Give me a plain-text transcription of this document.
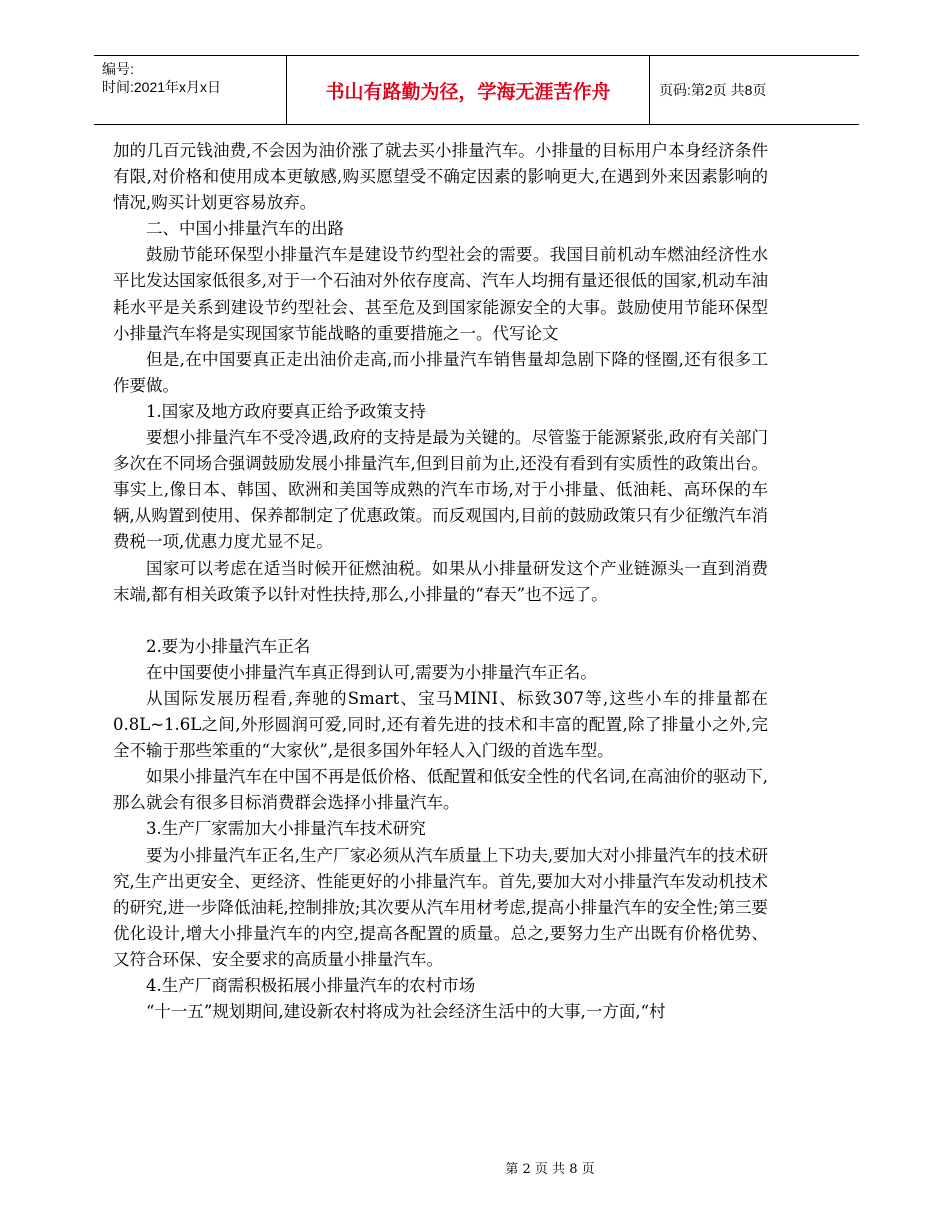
编号:
时间:2021年x月x日	书山有路勤为径，学海无涯苦作舟	页码:第2页 共8页

加的几百元钱油费,不会因为油价涨了就去买小排量汽车。小排量的目标用户本身经济条件有限,对价格和使用成本更敏感,购买愿望受不确定因素的影响更大,在遇到外来因素影响的情况,购买计划更容易放弃。

二、中国小排量汽车的出路

鼓励节能环保型小排量汽车是建设节约型社会的需要。我国目前机动车燃油经济性水平比发达国家低很多,对于一个石油对外依存度高、汽车人均拥有量还很低的国家,机动车油耗水平是关系到建设节约型社会、甚至危及到国家能源安全的大事。鼓励使用节能环保型小排量汽车将是实现国家节能战略的重要措施之一。代写论文

但是,在中国要真正走出油价走高,而小排量汽车销售量却急剧下降的怪圈,还有很多工作要做。

1.国家及地方政府要真正给予政策支持

要想小排量汽车不受冷遇,政府的支持是最为关键的。尽管鉴于能源紧张,政府有关部门多次在不同场合强调鼓励发展小排量汽车,但到目前为止,还没有看到有实质性的政策出台。事实上,像日本、韩国、欧洲和美国等成熟的汽车市场,对于小排量、低油耗、高环保的车辆,从购置到使用、保养都制定了优惠政策。而反观国内,目前的鼓励政策只有少征缴汽车消费税一项,优惠力度尤显不足。

国家可以考虑在适当时候开征燃油税。如果从小排量研发这个产业链源头一直到消费末端,都有相关政策予以针对性扶持,那么,小排量的“春天”也不远了。

2.要为小排量汽车正名

在中国要使小排量汽车真正得到认可,需要为小排量汽车正名。

从国际发展历程看,奔驰的Smart、宝马MINI、标致307等,这些小车的排量都在0.8L~1.6L之间,外形圆润可爱,同时,还有着先进的技术和丰富的配置,除了排量小之外,完全不输于那些笨重的“大家伙”,是很多国外年轻人入门级的首选车型。

如果小排量汽车在中国不再是低价格、低配置和低安全性的代名词,在高油价的驱动下,那么就会有很多目标消费群会选择小排量汽车。

3.生产厂家需加大小排量汽车技术研究

要为小排量汽车正名,生产厂家必须从汽车质量上下功夫,要加大对小排量汽车的技术研究,生产出更安全、更经济、性能更好的小排量汽车。首先,要加大对小排量汽车发动机技术的研究,进一步降低油耗,控制排放;其次要从汽车用材考虑,提高小排量汽车的安全性;第三要优化设计,增大小排量汽车的内空,提高各配置的质量。总之,要努力生产出既有价格优势、又符合环保、安全要求的高质量小排量汽车。

4.生产厂商需积极拓展小排量汽车的农村市场

“十一五”规划期间,建设新农村将成为社会经济生活中的大事,一方面,“村

第 2 页 共 8 页
